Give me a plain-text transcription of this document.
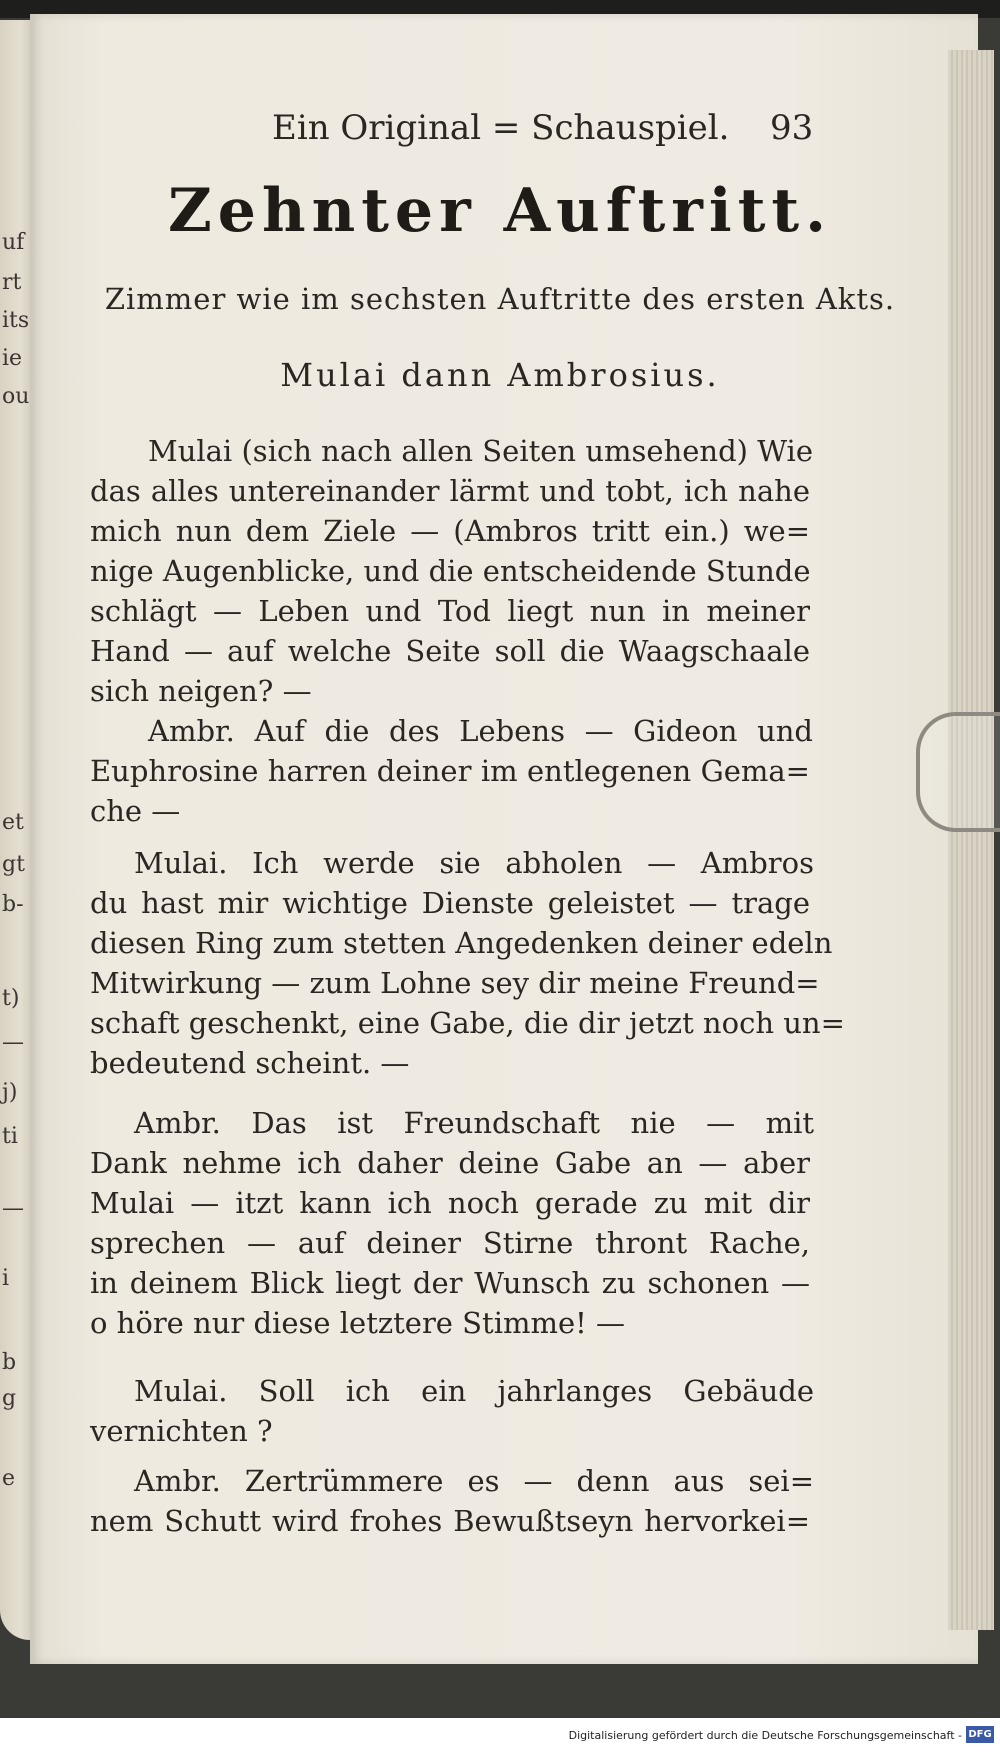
uf
rt
its
ie
ou
et
gt
b-
t)
—
j)
ti
—
i
b
g
e
Ein Original = Schauspiel. 93
Zehnter Auftritt.
Zimmer wie im sechsten Auftritte des ersten Akts.
Mulai dann Ambrosius.
Mulai (sich nach allen Seiten umsehend) Wie
das alles untereinander lärmt und tobt, ich nahe
mich nun dem Ziele — (Ambros tritt ein.) we=
nige Augenblicke, und die entscheidende Stunde
schlägt — Leben und Tod liegt nun in meiner
Hand — auf welche Seite soll die Waagschaale
sich neigen? —
Ambr. Auf die des Lebens — Gideon und
Euphrosine harren deiner im entlegenen Gema=
che —
Mulai. Ich werde sie abholen — Ambros
du hast mir wichtige Dienste geleistet — trage
diesen Ring zum stetten Angedenken deiner edeln
Mitwirkung — zum Lohne sey dir meine Freund=
schaft geschenkt, eine Gabe, die dir jetzt noch un=
bedeutend scheint. —
Ambr. Das ist Freundschaft nie — mit
Dank nehme ich daher deine Gabe an — aber
Mulai — itzt kann ich noch gerade zu mit dir
sprechen — auf deiner Stirne thront Rache,
in deinem Blick liegt der Wunsch zu schonen —
o höre nur diese letztere Stimme! —
Mulai. Soll ich ein jahrlanges Gebäude
vernichten ?
Ambr. Zertrümmere es — denn aus sei=
nem Schutt wird frohes Bewußtseyn hervorkei=
Digitalisierung gefördert durch die Deutsche Forschungsgemeinschaft - DFG
